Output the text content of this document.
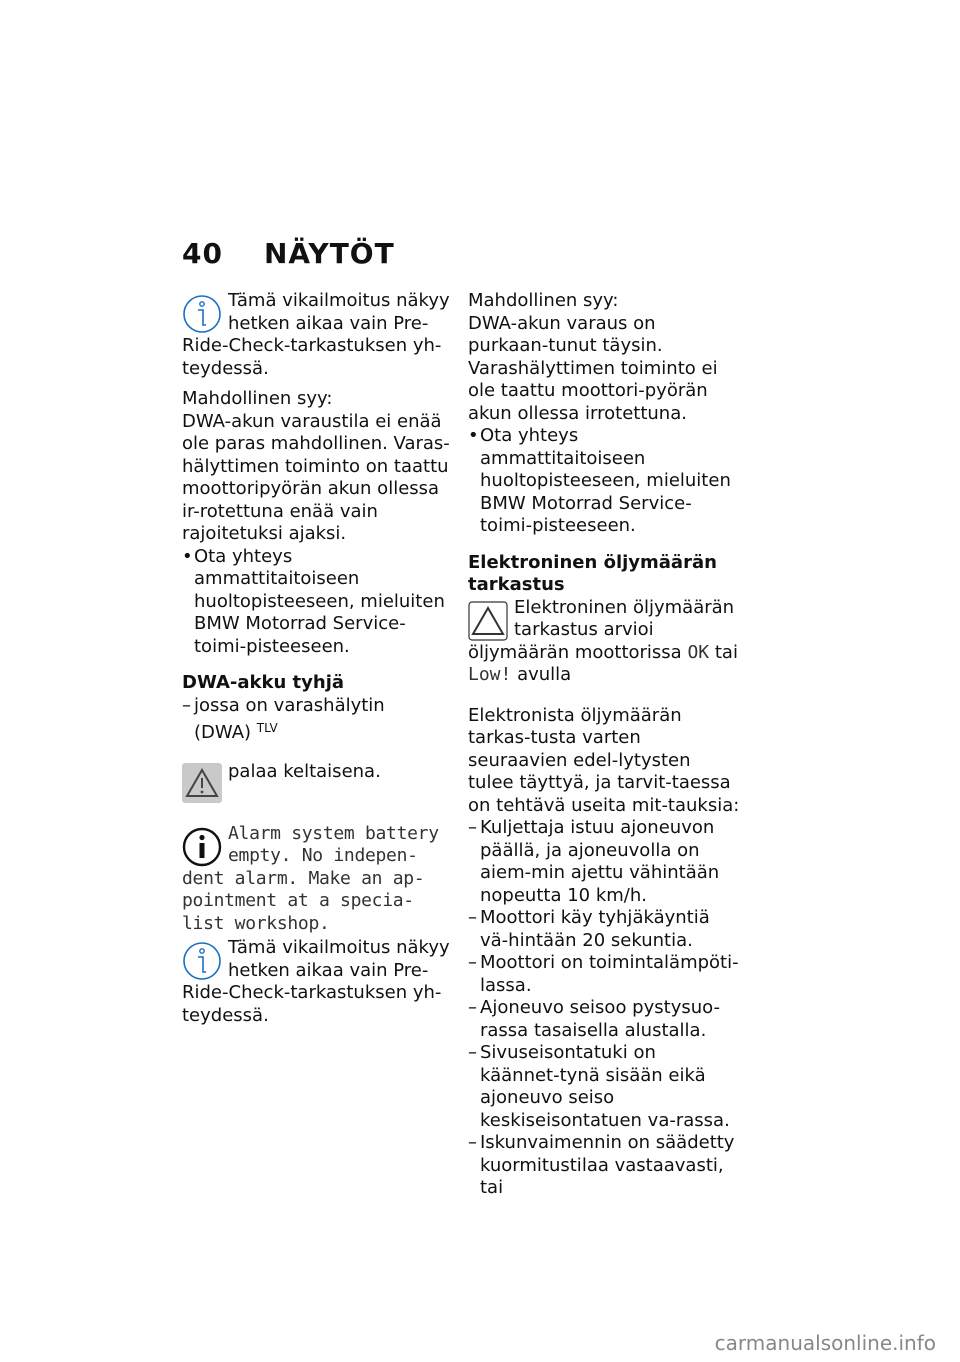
40 NÄYTÖT

Tämä vikailmoitus näkyy hetken aikaa vain Pre-Ride-Check-tarkastuksen yh-teydessä.

Mahdollinen syy:

DWA-akun varaustila ei enää ole paras mahdollinen. Varas-hälyttimen toiminto on taattu moottoripyörän akun ollessa ir-rotettuna enää vain rajoitetuksi ajaksi.

• Ota yhteys ammattitaitoiseen huoltopisteeseen, mieluiten BMW Motorrad Service-toimi-pisteeseen.

DWA-akku tyhjä

– jossa on varashälytin
(DWA) $^{TLV}$

palaa keltaisena.

Alarm system battery empty. No indepen-dent alarm. Make an ap-pointment at a specia-list workshop.

Tämä vikailmoitus näkyy hetken aikaa vain Pre-Ride-Check-tarkastuksen yh-teydessä.

Mahdollinen syy:

DWA-akun varaus on purkaan-tunut täysin. Varashälyttimen toiminto ei ole taattu moottori-pyörän akun ollessa irrotettuna.

• Ota yhteys ammattitaitoiseen huoltopisteeseen, mieluiten BMW Motorrad Service-toimi-pisteeseen.

Elektroninen öljymäärän tarkastus

Elektroninen öljymäärän tarkastus arvioi öljymäärän moottorissa OK tai Low! avulla

Elektronista öljymäärän tarkas-tusta varten seuraavien edel-lytysten tulee täyttyä, ja tarvit-taessa on tehtävä useita mit-tauksia:

– Kuljettaja istuu ajoneuvon päällä, ja ajoneuvolla on aiem-min ajettu vähintään nopeutta 10 km/h.
– Moottori käy tyhjäkäyntiä vä-hintään 20 sekuntia.
– Moottori on toimintalämpöti-lassa.
– Ajoneuvo seisoo pystysuo-rassa tasaisella alustalla.
– Sivuseisontatuki on käännet-tynä sisään eikä ajoneuvo seiso keskiseisontatuen va-rassa.
– Iskunvaimennin on säädetty kuormitustilaa vastaavasti, tai
carmanualsonline.info
